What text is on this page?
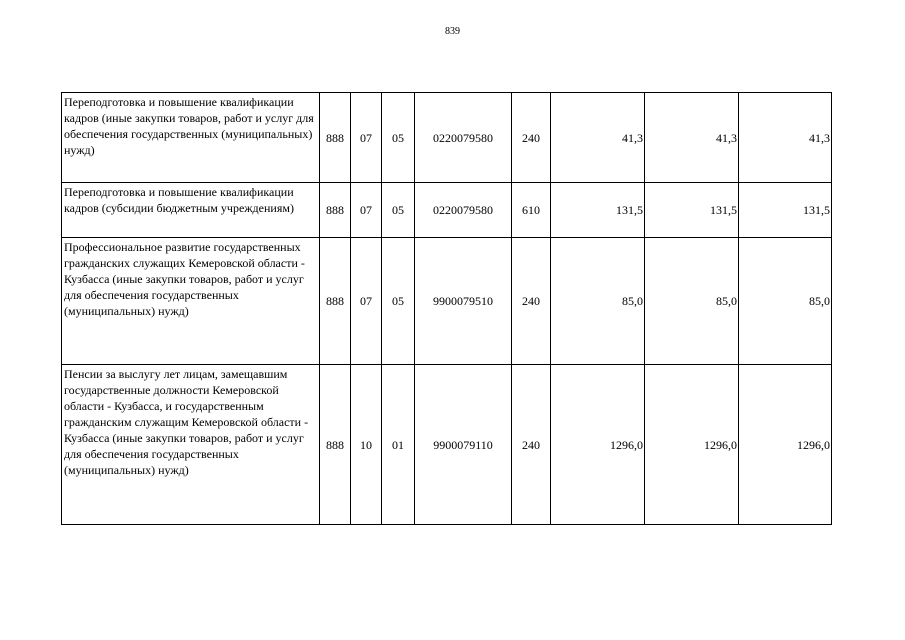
839
Переподготовка и повышение квалификации кадров (иные закупки товаров, работ и услуг для обеспечения государственных (муниципальных) нужд)	888	07	05	0220079580	240	41,3	41,3	41,3
Переподготовка и повышение квалификации кадров (субсидии бюджетным учреждениям)	888	07	05	0220079580	610	131,5	131,5	131,5
Профессиональное развитие государственных гражданских служащих Кемеровской области - Кузбасса (иные закупки товаров, работ и услуг для обеспечения государственных (муниципальных) нужд)	888	07	05	9900079510	240	85,0	85,0	85,0
Пенсии за выслугу лет лицам, замещавшим государственные должности Кемеровской области - Кузбасса, и государственным гражданским служащим Кемеровской области - Кузбасса (иные закупки товаров, работ и услуг для обеспечения государственных (муниципальных) нужд)	888	10	01	9900079110	240	1296,0	1296,0	1296,0
